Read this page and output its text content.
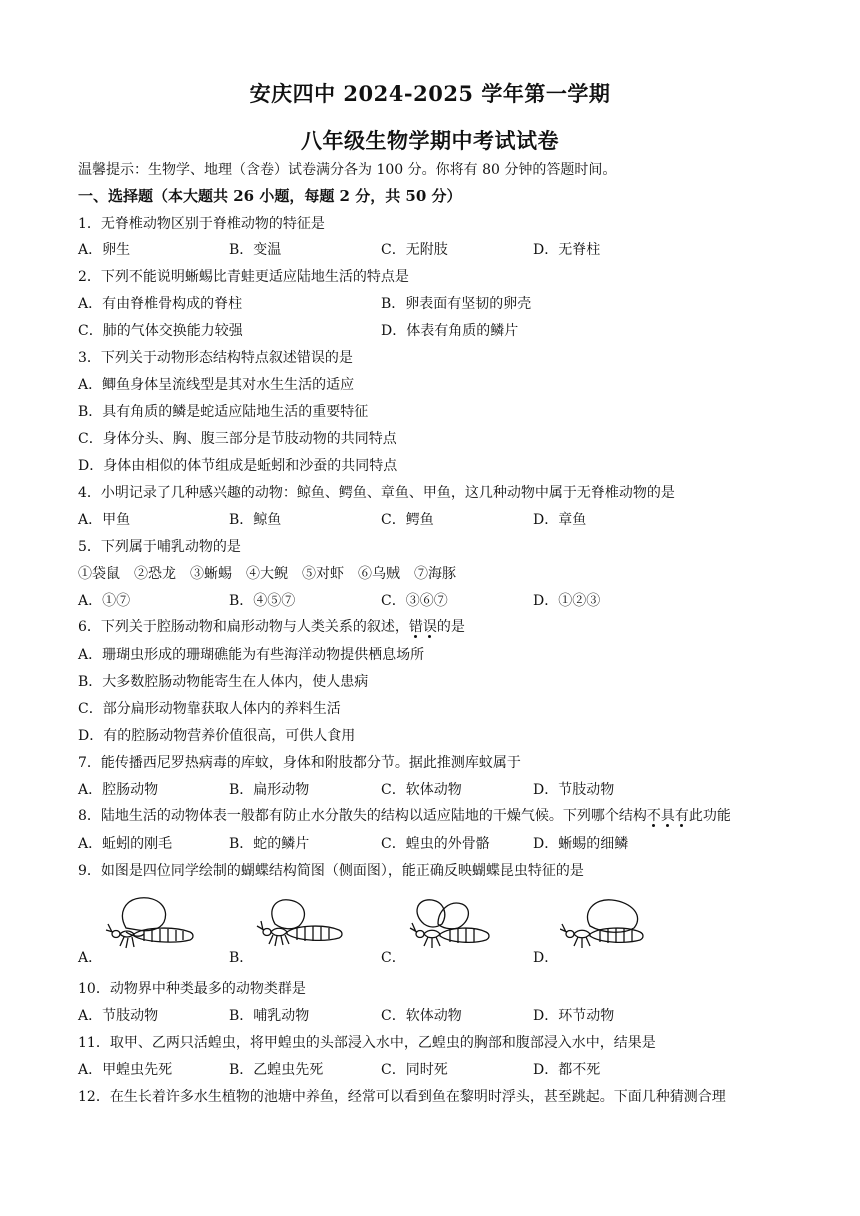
安庆四中 2024-2025 学年第一学期
八年级生物学期中考试试卷
温馨提示：生物学、地理（含卷）试卷满分各为 100 分。你将有 80 分钟的答题时间。
一、选择题（本大题共 26 小题，每题 2 分，共 50 分）
1．无脊椎动物区别于脊椎动物的特征是
A．卵生	B．变温	C．无附肢	D．无脊柱
2．下列不能说明蜥蜴比青蛙更适应陆地生活的特点是
A．有由脊椎骨构成的脊柱	B．卵表面有坚韧的卵壳
C．肺的气体交换能力较强	D．体表有角质的鳞片
3．下列关于动物形态结构特点叙述错误的是
A．鲫鱼身体呈流线型是其对水生生活的适应
B．具有角质的鳞是蛇适应陆地生活的重要特征
C．身体分头、胸、腹三部分是节肢动物的共同特点
D．身体由相似的体节组成是蚯蚓和沙蚕的共同特点
4．小明记录了几种感兴趣的动物：鲸鱼、鳄鱼、章鱼、甲鱼，这几种动物中属于无脊椎动物的是
A．甲鱼	B．鲸鱼	C．鳄鱼	D．章鱼
5．下列属于哺乳动物的是
①袋鼠　②恐龙　③蜥蜴　④大鲵　⑤对虾　⑥乌贼　⑦海豚
A．①⑦	B．④⑤⑦	C．③⑥⑦	D．①②③
6．下列关于腔肠动物和扁形动物与人类关系的叙述，错误的是
A．珊瑚虫形成的珊瑚礁能为有些海洋动物提供栖息场所
B．大多数腔肠动物能寄生在人体内，使人患病
C．部分扁形动物靠获取人体内的养料生活
D．有的腔肠动物营养价值很高，可供人食用
7．能传播西尼罗热病毒的库蚊，身体和附肢都分节。据此推测库蚊属于
A．腔肠动物	B．扁形动物	C．软体动物	D．节肢动物
8．陆地生活的动物体表一般都有防止水分散失的结构以适应陆地的干燥气候。下列哪个结构不具有此功能
A．蚯蚓的刚毛	B．蛇的鳞片	C．蝗虫的外骨骼	D．蜥蜴的细鳞
9．如图是四位同学绘制的蝴蝶结构简图（侧面图），能正确反映蝴蝶昆虫特征的是
A．	B．	C．	D．
10．动物界中种类最多的动物类群是
A．节肢动物	B．哺乳动物	C．软体动物	D．环节动物
11．取甲、乙两只活蝗虫，将甲蝗虫的头部浸入水中，乙蝗虫的胸部和腹部浸入水中，结果是
A．甲蝗虫先死	B．乙蝗虫先死	C．同时死	D．都不死
12．在生长着许多水生植物的池塘中养鱼，经常可以看到鱼在黎明时浮头，甚至跳起。下面几种猜测合理
